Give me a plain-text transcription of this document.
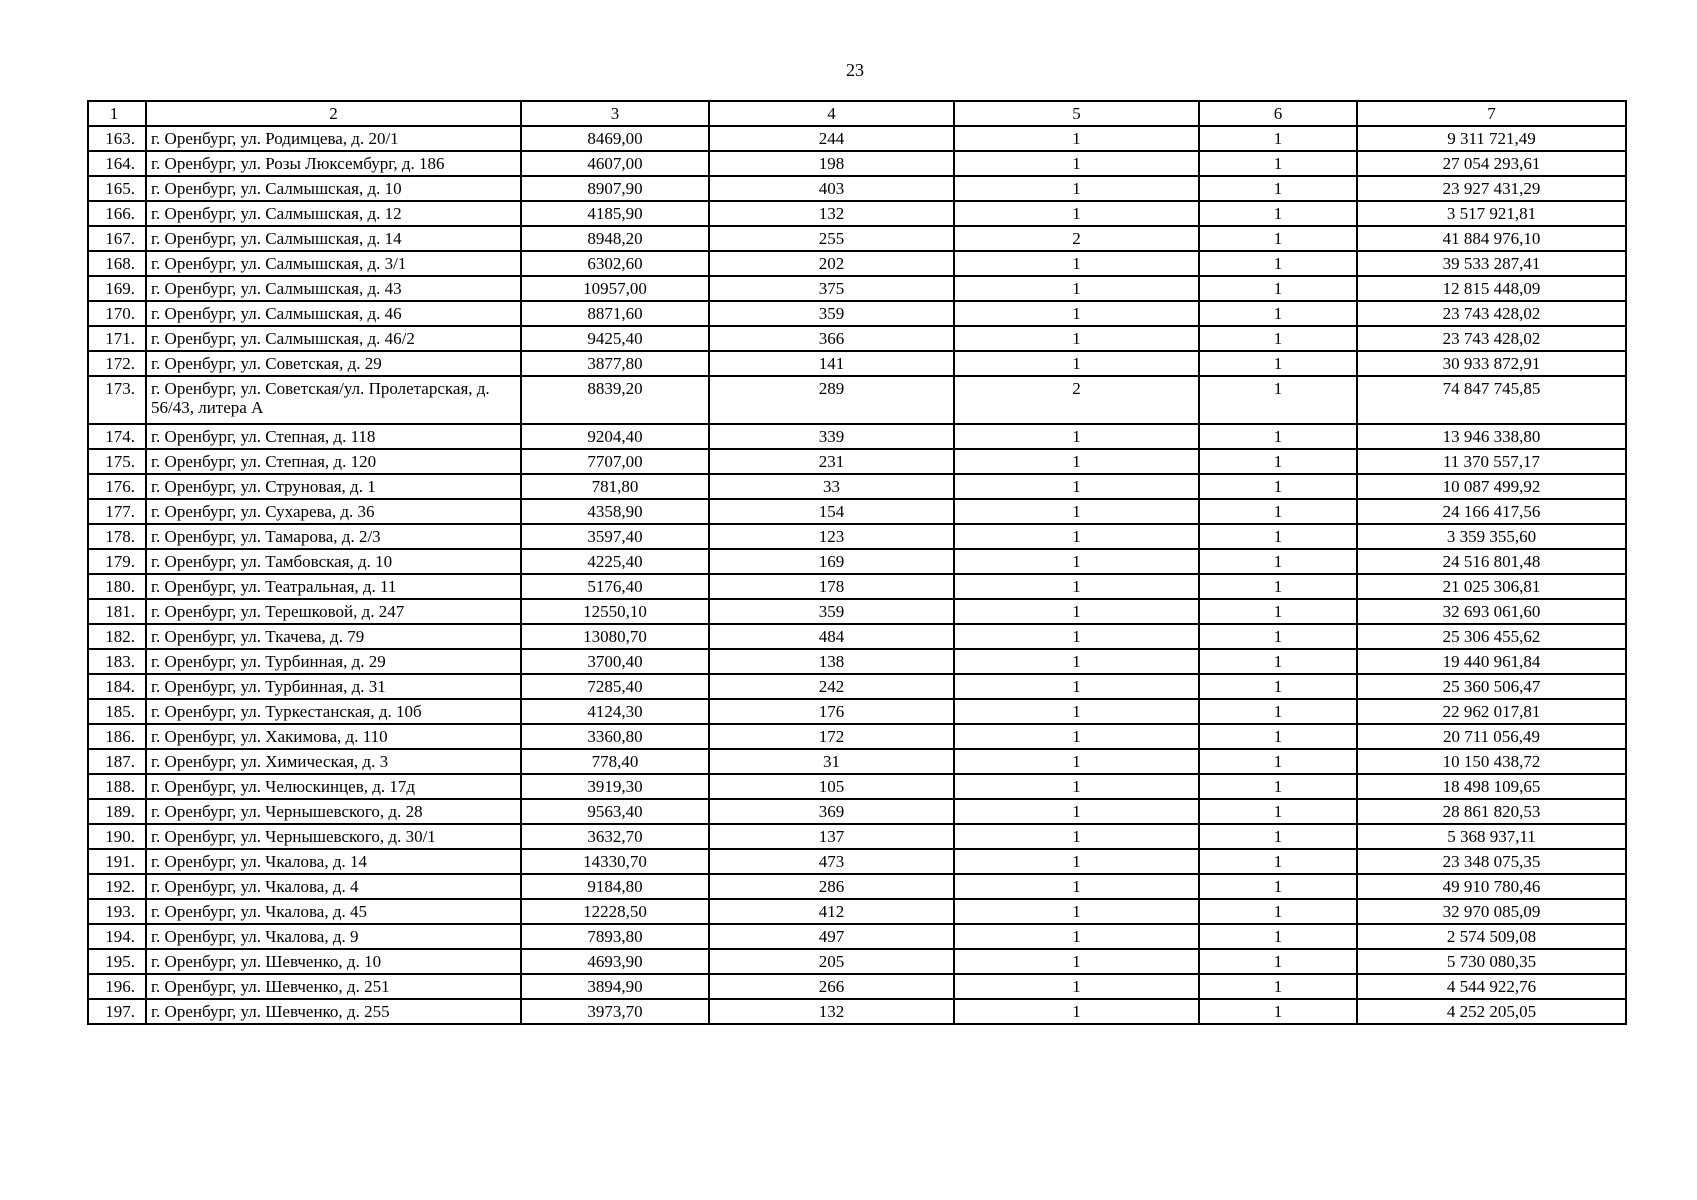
23
1	2	3	4	5	6	7
163.	г. Оренбург, ул. Родимцева, д. 20/1	8469,00	244	1	1	9 311 721,49
164.	г. Оренбург, ул. Розы Люксембург, д. 186	4607,00	198	1	1	27 054 293,61
165.	г. Оренбург, ул. Салмышская, д. 10	8907,90	403	1	1	23 927 431,29
166.	г. Оренбург, ул. Салмышская, д. 12	4185,90	132	1	1	3 517 921,81
167.	г. Оренбург, ул. Салмышская, д. 14	8948,20	255	2	1	41 884 976,10
168.	г. Оренбург, ул. Салмышская, д. 3/1	6302,60	202	1	1	39 533 287,41
169.	г. Оренбург, ул. Салмышская, д. 43	10957,00	375	1	1	12 815 448,09
170.	г. Оренбург, ул. Салмышская, д. 46	8871,60	359	1	1	23 743 428,02
171.	г. Оренбург, ул. Салмышская, д. 46/2	9425,40	366	1	1	23 743 428,02
172.	г. Оренбург, ул. Советская, д. 29	3877,80	141	1	1	30 933 872,91
173.	г. Оренбург, ул. Советская/ул. Пролетарская, д. 56/43, литера А	8839,20	289	2	1	74 847 745,85
174.	г. Оренбург, ул. Степная, д. 118	9204,40	339	1	1	13 946 338,80
175.	г. Оренбург, ул. Степная, д. 120	7707,00	231	1	1	11 370 557,17
176.	г. Оренбург, ул. Струновая, д. 1	781,80	33	1	1	10 087 499,92
177.	г. Оренбург, ул. Сухарева, д. 36	4358,90	154	1	1	24 166 417,56
178.	г. Оренбург, ул. Тамарова, д. 2/3	3597,40	123	1	1	3 359 355,60
179.	г. Оренбург, ул. Тамбовская, д. 10	4225,40	169	1	1	24 516 801,48
180.	г. Оренбург, ул. Театральная, д. 11	5176,40	178	1	1	21 025 306,81
181.	г. Оренбург, ул. Терешковой, д. 247	12550,10	359	1	1	32 693 061,60
182.	г. Оренбург, ул. Ткачева, д. 79	13080,70	484	1	1	25 306 455,62
183.	г. Оренбург, ул. Турбинная, д. 29	3700,40	138	1	1	19 440 961,84
184.	г. Оренбург, ул. Турбинная, д. 31	7285,40	242	1	1	25 360 506,47
185.	г. Оренбург, ул. Туркестанская, д. 10б	4124,30	176	1	1	22 962 017,81
186.	г. Оренбург, ул. Хакимова, д. 110	3360,80	172	1	1	20 711 056,49
187.	г. Оренбург, ул. Химическая, д. 3	778,40	31	1	1	10 150 438,72
188.	г. Оренбург, ул. Челюскинцев, д. 17д	3919,30	105	1	1	18 498 109,65
189.	г. Оренбург, ул. Чернышевского, д. 28	9563,40	369	1	1	28 861 820,53
190.	г. Оренбург, ул. Чернышевского, д. 30/1	3632,70	137	1	1	5 368 937,11
191.	г. Оренбург, ул. Чкалова, д. 14	14330,70	473	1	1	23 348 075,35
192.	г. Оренбург, ул. Чкалова, д. 4	9184,80	286	1	1	49 910 780,46
193.	г. Оренбург, ул. Чкалова, д. 45	12228,50	412	1	1	32 970 085,09
194.	г. Оренбург, ул. Чкалова, д. 9	7893,80	497	1	1	2 574 509,08
195.	г. Оренбург, ул. Шевченко, д. 10	4693,90	205	1	1	5 730 080,35
196.	г. Оренбург, ул. Шевченко, д. 251	3894,90	266	1	1	4 544 922,76
197.	г. Оренбург, ул. Шевченко, д. 255	3973,70	132	1	1	4 252 205,05
